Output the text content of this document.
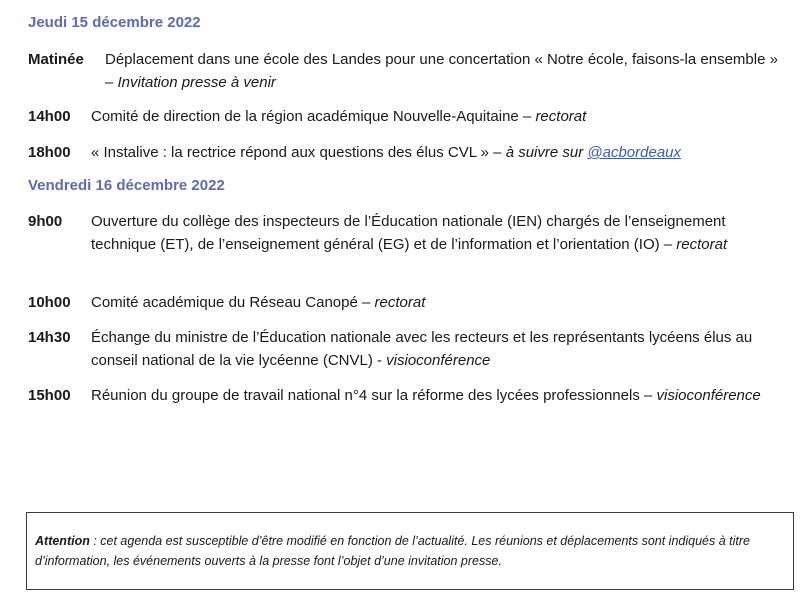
Jeudi 15 décembre 2022
Matinée Déplacement dans une école des Landes pour une concertation « Notre école, faisons-la ensemble » – Invitation presse à venir
14h00 Comité de direction de la région académique Nouvelle-Aquitaine – rectorat
18h00 « Instalive : la rectrice répond aux questions des élus CVL » – à suivre sur @acbordeaux
Vendredi 16 décembre 2022
9h00 Ouverture du collège des inspecteurs de l’Éducation nationale (IEN) chargés de l’enseignement technique (ET), de l’enseignement général (EG) et de l’information et l’orientation (IO) – rectorat
10h00 Comité académique du Réseau Canopé – rectorat
14h30 Échange du ministre de l’Éducation nationale avec les recteurs et les représentants lycéens élus au conseil national de la vie lycéenne (CNVL) - visioconférence
15h00 Réunion du groupe de travail national n°4 sur la réforme des lycées professionnels – visioconférence
Attention : cet agenda est susceptible d’être modifié en fonction de l’actualité. Les réunions et déplacements sont indiqués à titre d’information, les événements ouverts à la presse font l’objet d’une invitation presse.
